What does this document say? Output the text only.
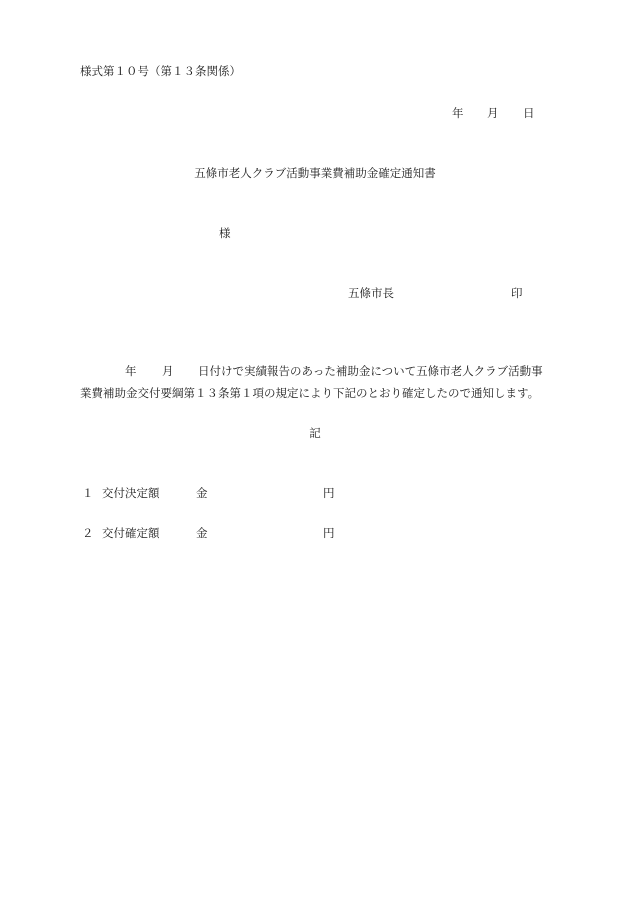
様式第１０号（第１３条関係）
年 月 日
五條市老人クラブ活動事業費補助金確定通知書
様
五條市長	印
年 月 日付けで実績報告のあった補助金について五條市老人クラブ活動事
業費補助金交付要綱第１３条第１項の規定により下記のとおり確定したので通知します。
記
１ 交付決定額	金	円
２ 交付確定額	金	円
